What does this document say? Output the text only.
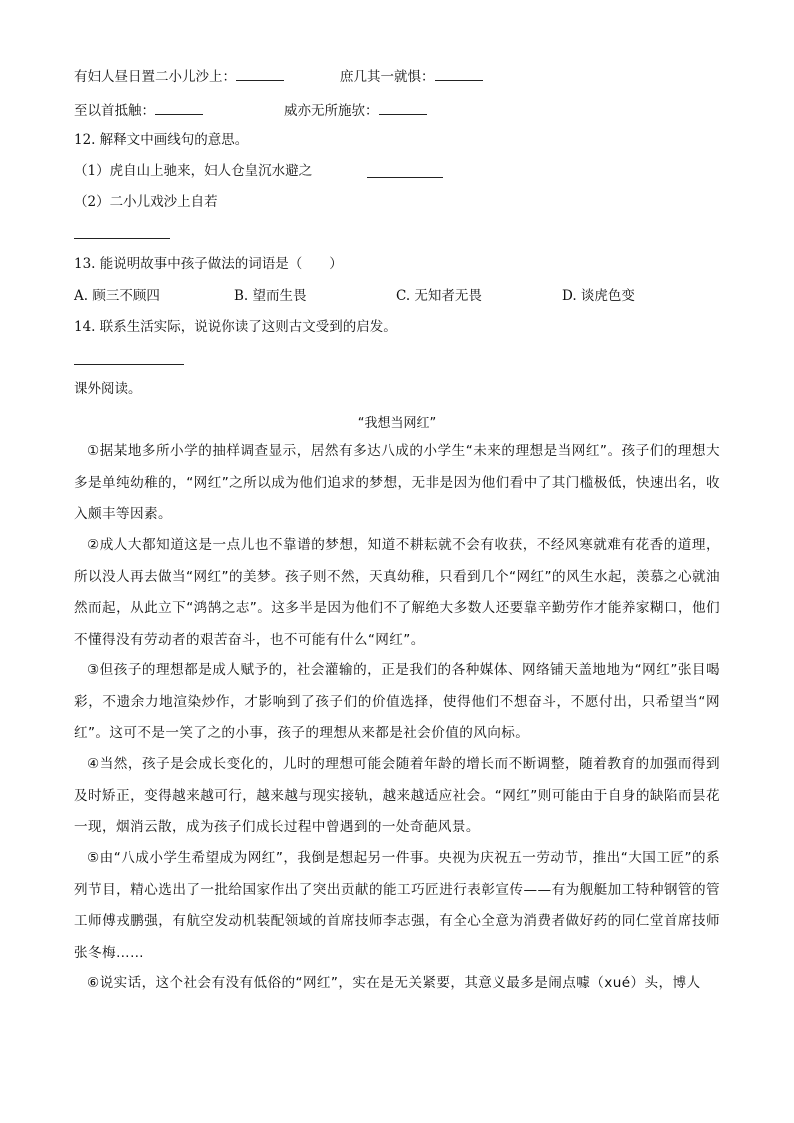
有妇人昼日置二小儿沙上：	庶几其一就惧：
至以首抵触：	威亦无所施欤：
12. 解释文中画线句的意思。
（1）虎自山上驰来，妇人仓皇沉水避之
（2）二小儿戏沙上自若
13. 能说明故事中孩子做法的词语是（　　）
A. 顾三不顾四	B. 望而生畏	C. 无知者无畏	D. 谈虎色变
14. 联系生活实际，说说你读了这则古文受到的启发。
课外阅读。
“我想当网红”
①据某地多所小学的抽样调查显示，居然有多达八成的小学生“未来的理想是当网红”。孩子们的理想大多是单纯幼稚的，“网红”之所以成为他们追求的梦想，无非是因为他们看中了其门槛极低，快速出名，收入颇丰等因素。
②成人大都知道这是一点儿也不靠谱的梦想，知道不耕耘就不会有收获，不经风寒就难有花香的道理，所以没人再去做当“网红”的美梦。孩子则不然，天真幼稚，只看到几个“网红”的风生水起，羡慕之心就油然而起，从此立下“鸿鹄之志”。这多半是因为他们不了解绝大多数人还要靠辛勤劳作才能养家糊口，他们不懂得没有劳动者的艰苦奋斗，也不可能有什么“网红”。
③但孩子的理想都是成人赋予的，社会灌输的，正是我们的各种媒体、网络铺天盖地地为“网红”张目喝彩，不遗余力地渲染炒作，才影响到了孩子们的价值选择，使得他们不想奋斗，不愿付出，只希望当“网红”。这可不是一笑了之的小事，孩子的理想从来都是社会价值的风向标。
④当然，孩子是会成长变化的，儿时的理想可能会随着年龄的增长而不断调整，随着教育的加强而得到及时矫正，变得越来越可行，越来越与现实接轨，越来越适应社会。“网红”则可能由于自身的缺陷而昙花一现，烟消云散，成为孩子们成长过程中曾遇到的一处奇葩风景。
⑤由“八成小学生希望成为网红”，我倒是想起另一件事。央视为庆祝五一劳动节，推出“大国工匠”的系列节目，精心选出了一批给国家作出了突出贡献的能工巧匠进行表彰宣传——有为舰艇加工特种钢管的管工师傅戎鹏强，有航空发动机装配领域的首席技师李志强，有全心全意为消费者做好药的同仁堂首席技师张冬梅……
⑥说实话，这个社会有没有低俗的“网红”，实在是无关紧要，其意义最多是闹点噱（xué）头，博人
